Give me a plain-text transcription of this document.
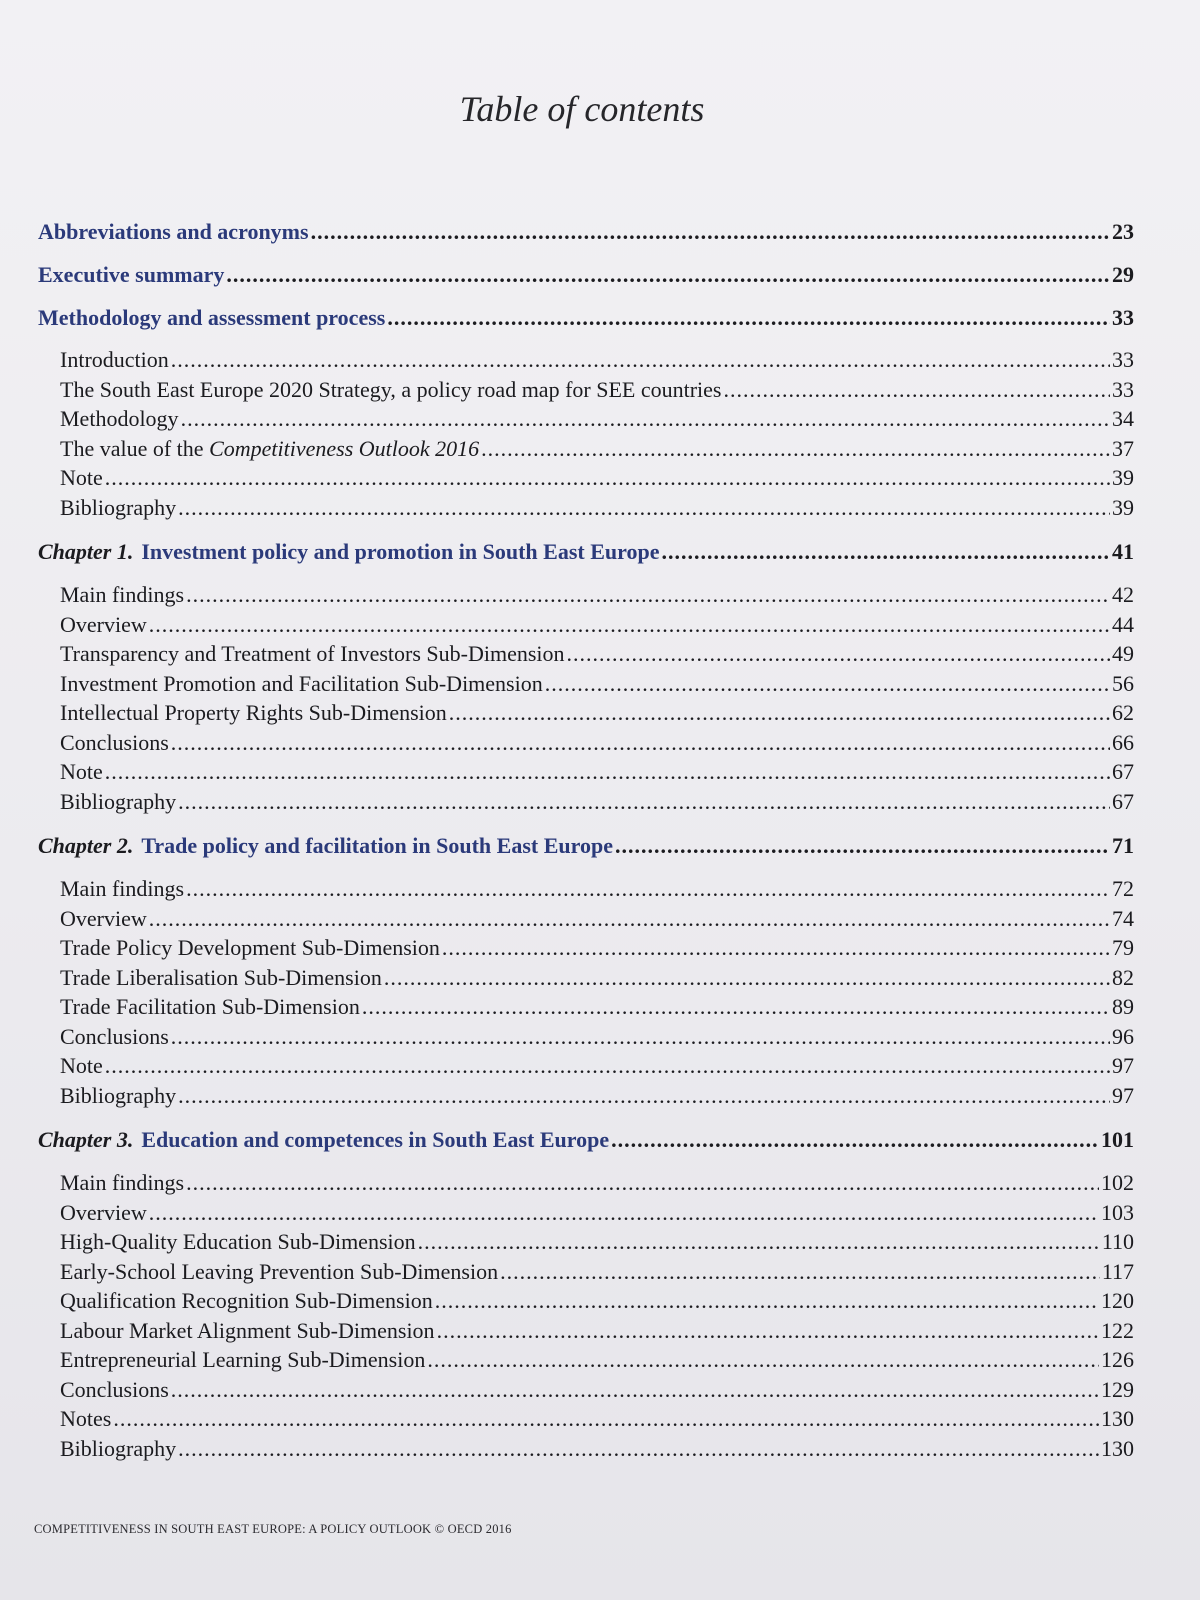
Table of contents
Abbreviations and acronyms .....	23
Executive summary .....	29
Methodology and assessment process .....	33
Introduction .....	33
The South East Europe 2020 Strategy, a policy road map for SEE countries .....	33
Methodology .....	34
The value of the Competitiveness Outlook 2016 .....	37
Note .....	39
Bibliography .....	39
Chapter 1. Investment policy and promotion in South East Europe .....	41
Main findings .....	42
Overview .....	44
Transparency and Treatment of Investors Sub-Dimension .....	49
Investment Promotion and Facilitation Sub-Dimension .....	56
Intellectual Property Rights Sub-Dimension .....	62
Conclusions .....	66
Note .....	67
Bibliography .....	67
Chapter 2. Trade policy and facilitation in South East Europe .....	71
Main findings .....	72
Overview .....	74
Trade Policy Development Sub-Dimension .....	79
Trade Liberalisation Sub-Dimension .....	82
Trade Facilitation Sub-Dimension .....	89
Conclusions .....	96
Note .....	97
Bibliography .....	97
Chapter 3. Education and competences in South East Europe .....	101
Main findings .....	102
Overview .....	103
High-Quality Education Sub-Dimension .....	110
Early-School Leaving Prevention Sub-Dimension .....	117
Qualification Recognition Sub-Dimension .....	120
Labour Market Alignment Sub-Dimension .....	122
Entrepreneurial Learning Sub-Dimension .....	126
Conclusions .....	129
Notes .....	130
Bibliography .....	130
COMPETITIVENESS IN SOUTH EAST EUROPE: A POLICY OUTLOOK © OECD 2016
